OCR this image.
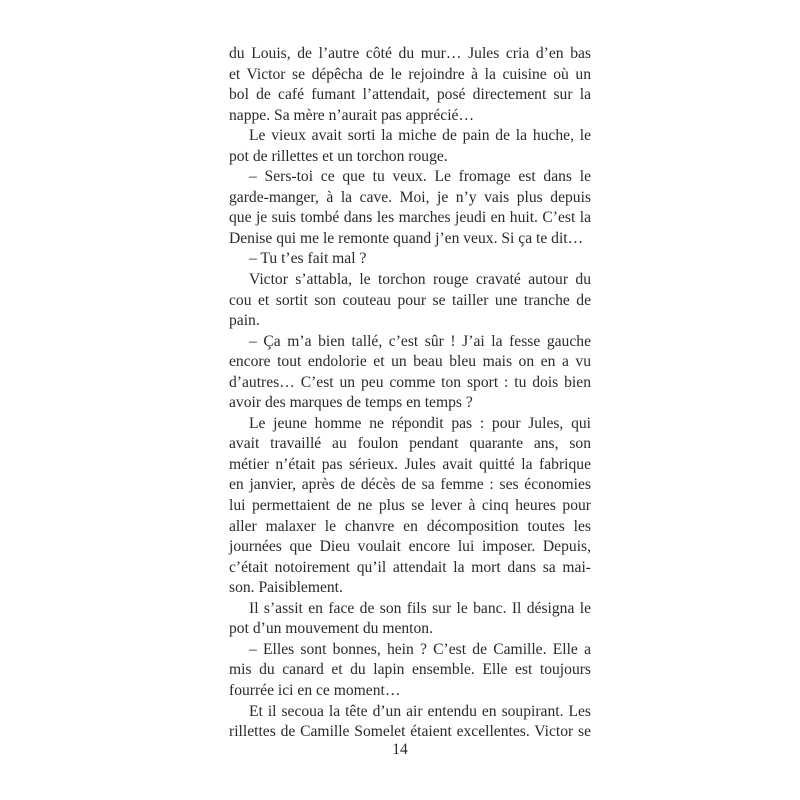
du Louis, de l’autre côté du mur… Jules cria d’en bas
et Victor se dépêcha de le rejoindre à la cuisine où un
bol de café fumant l’attendait, posé directement sur la
nappe. Sa mère n’aurait pas apprécié…
Le vieux avait sorti la miche de pain de la huche, le
pot de rillettes et un torchon rouge.
– Sers-toi ce que tu veux. Le fromage est dans le
garde-manger, à la cave. Moi, je n’y vais plus depuis
que je suis tombé dans les marches jeudi en huit. C’est la
Denise qui me le remonte quand j’en veux. Si ça te dit…
– Tu t’es fait mal ?
Victor s’attabla, le torchon rouge cravaté autour du
cou et sortit son couteau pour se tailler une tranche de
pain.
– Ça m’a bien tallé, c’est sûr ! J’ai la fesse gauche
encore tout endolorie et un beau bleu mais on en a vu
d’autres… C’est un peu comme ton sport : tu dois bien
avoir des marques de temps en temps ?
Le jeune homme ne répondit pas : pour Jules, qui
avait travaillé au foulon pendant quarante ans, son
métier n’était pas sérieux. Jules avait quitté la fabrique
en janvier, après de décès de sa femme : ses économies
lui permettaient de ne plus se lever à cinq heures pour
aller malaxer le chanvre en décomposition toutes les
journées que Dieu voulait encore lui imposer. Depuis,
c’était notoirement qu’il attendait la mort dans sa mai-
son. Paisiblement.
Il s’assit en face de son fils sur le banc. Il désigna le
pot d’un mouvement du menton.
– Elles sont bonnes, hein ? C’est de Camille. Elle a
mis du canard et du lapin ensemble. Elle est toujours
fourrée ici en ce moment…
Et il secoua la tête d’un air entendu en soupirant. Les
rillettes de Camille Somelet étaient excellentes. Victor se
14
